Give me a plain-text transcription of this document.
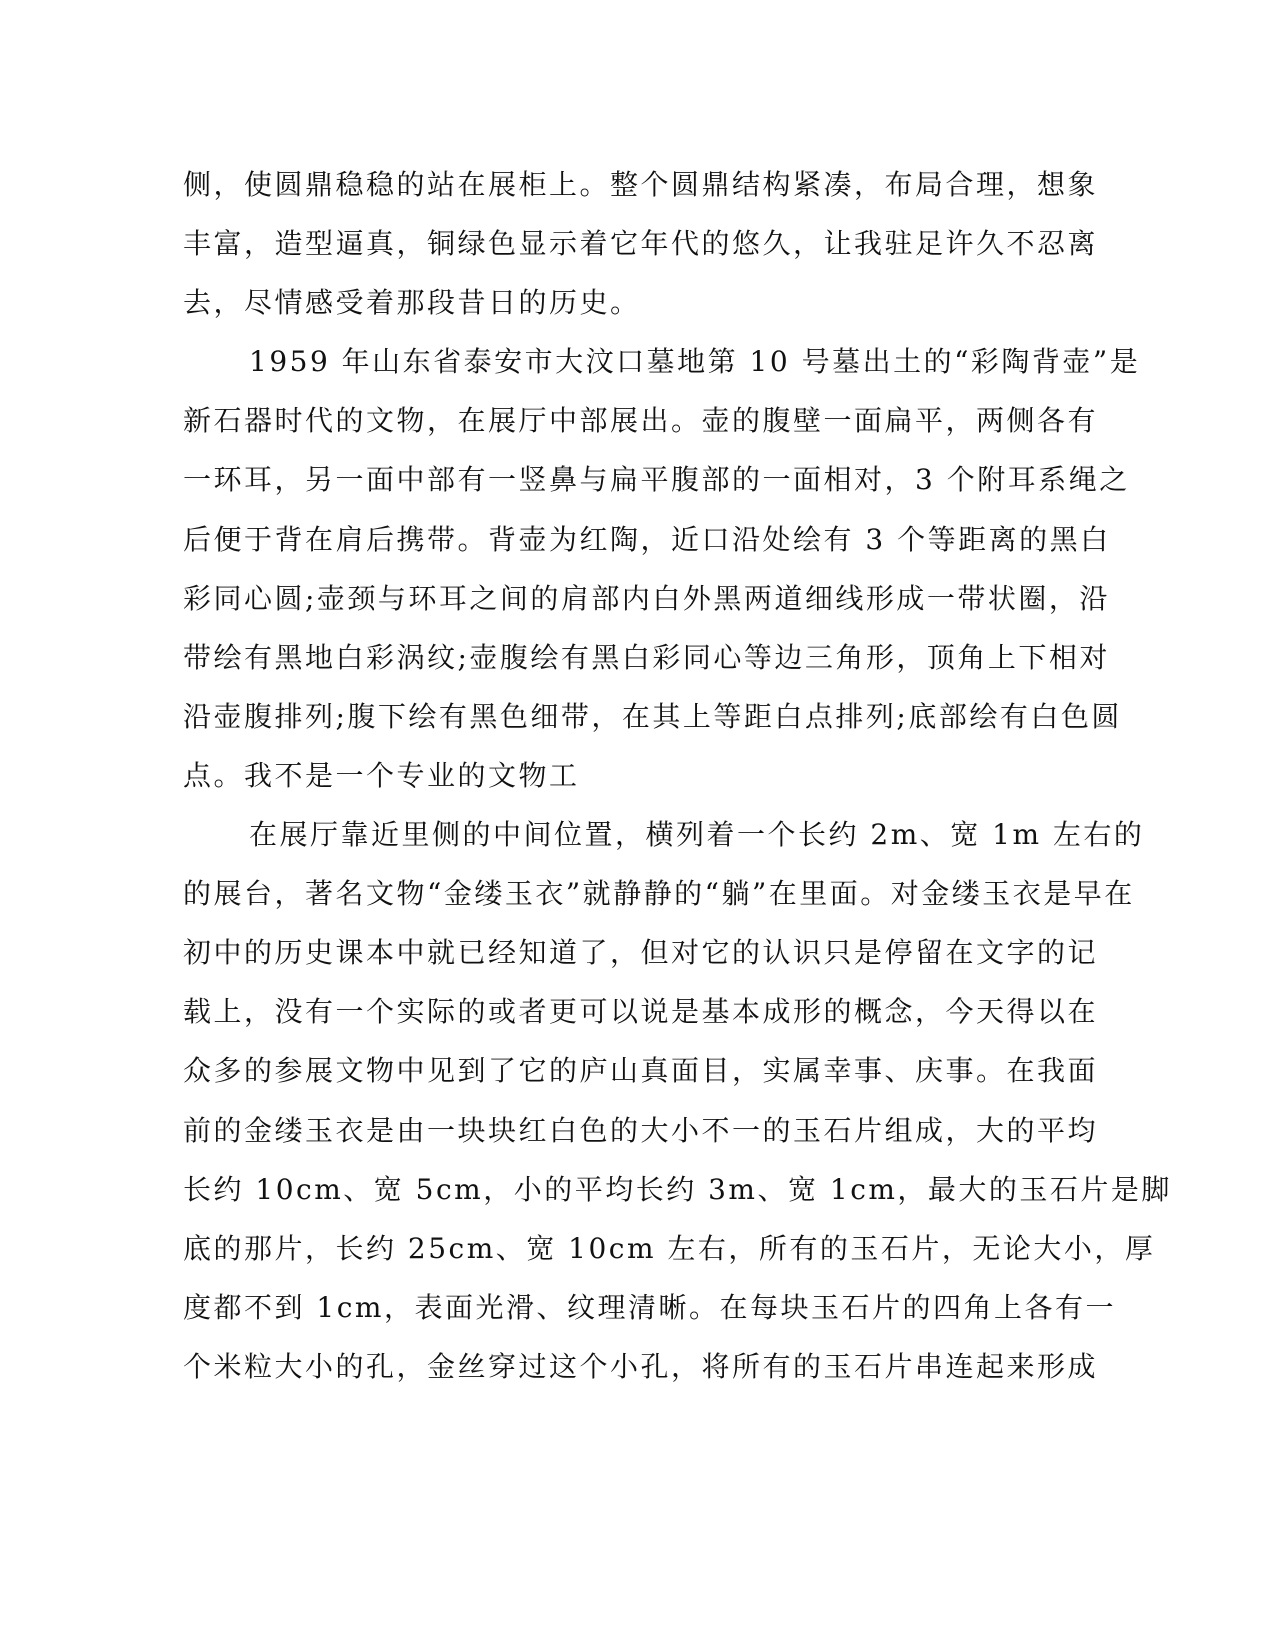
侧，使圆鼎稳稳的站在展柜上。整个圆鼎结构紧凑，布局合理，想象
丰富，造型逼真，铜绿色显示着它年代的悠久，让我驻足许久不忍离
去，尽情感受着那段昔日的历史。
1959 年山东省泰安市大汶口墓地第 10 号墓出土的“彩陶背壶”是
新石器时代的文物，在展厅中部展出。壶的腹壁一面扁平，两侧各有
一环耳，另一面中部有一竖鼻与扁平腹部的一面相对，3 个附耳系绳之
后便于背在肩后携带。背壶为红陶，近口沿处绘有 3 个等距离的黑白
彩同心圆;壶颈与环耳之间的肩部内白外黑两道细线形成一带状圈，沿
带绘有黑地白彩涡纹;壶腹绘有黑白彩同心等边三角形，顶角上下相对
沿壶腹排列;腹下绘有黑色细带，在其上等距白点排列;底部绘有白色圆
点。我不是一个专业的文物工
在展厅靠近里侧的中间位置，横列着一个长约 2m、宽 1m 左右的
的展台，著名文物“金缕玉衣”就静静的“躺”在里面。对金缕玉衣是早在
初中的历史课本中就已经知道了，但对它的认识只是停留在文字的记
载上，没有一个实际的或者更可以说是基本成形的概念，今天得以在
众多的参展文物中见到了它的庐山真面目，实属幸事、庆事。在我面
前的金缕玉衣是由一块块红白色的大小不一的玉石片组成，大的平均
长约 10cm、宽 5cm，小的平均长约 3m、宽 1cm，最大的玉石片是脚
底的那片，长约 25cm、宽 10cm 左右，所有的玉石片，无论大小，厚
度都不到 1cm，表面光滑、纹理清晰。在每块玉石片的四角上各有一
个米粒大小的孔，金丝穿过这个小孔，将所有的玉石片串连起来形成
